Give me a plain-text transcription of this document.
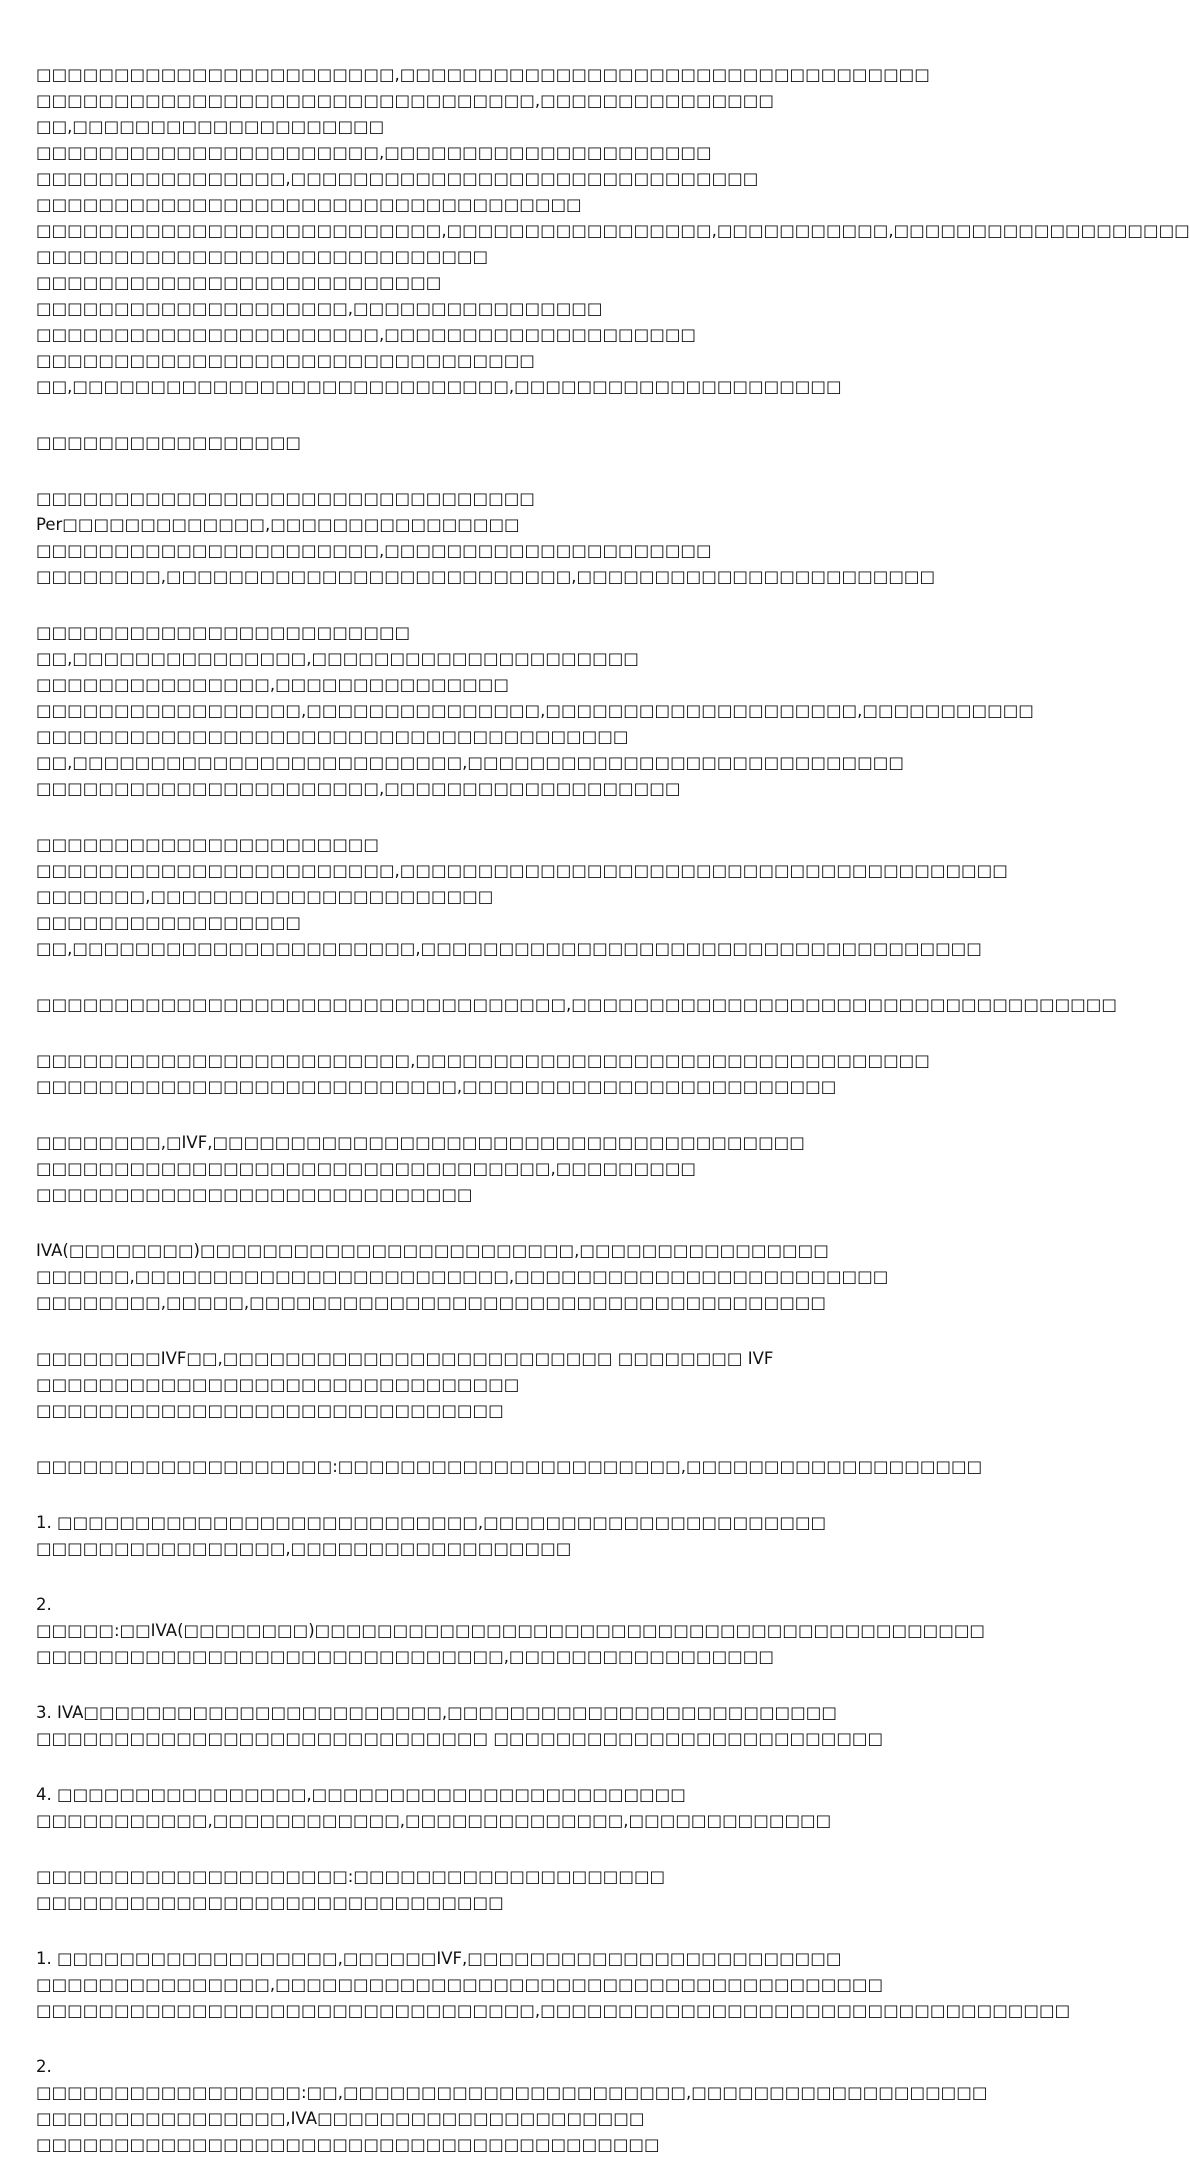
□□□□□□□□□□□□□□□□□□□□□□□,□□□□□□□□□□□□□□□□□□□□□□□□□□□□□□□□□□
□□□□□□□□□□□□□□□□□□□□□□□□□□□□□□□□,□□□□□□□□□□□□□□□ □□,□□□□□□□□□□□□□□□□□□□□
□□□□□□□□□□□□□□□□□□□□□□,□□□□□□□□□□□□□□□□□□□□□ □□□□□□□□□□□□□□□□,□□□□□□□□□□□□□□□□□□□□□□□□□□□□□□
□□□□□□□□□□□□□□□□□□□□□□□□□□□□□□□□□□□

□□□□□□□□□□□□□□□□□□□□□□□□□□,□□□□□□□□□□□□□□□□□,□□□□□□□□□□□,□□□□□□□□□□□□□□□□□□□ □□□□□□□□□□□□□□□□□□□□□□□□□□□□□
□□□□□□□□□□□□□□□□□□□□□□□□□□ □□□□□□□□□□□□□□□□□□□□,□□□□□□□□□□□□□□□□ □□□□□□□□□□□□□□□□□□□□□□,□□□□□□□□□□□□□□□□□□□□
□□□□□□□□□□□□□□□□□□□□□□□□□□□□□□□□ □□,□□□□□□□□□□□□□□□□□□□□□□□□□□□□,□□□□□□□□□□□□□□□□□□□□□

□□□□□□□□□□□□□□□□□

□□□□□□□□□□□□□□□□□□□□□□□□□□□□□□□□ Per□□□□□□□□□□□□□,□□□□□□□□□□□□□□□□
□□□□□□□□□□□□□□□□□□□□□□,□□□□□□□□□□□□□□□□□□□□□ □□□□□□□□,□□□□□□□□□□□□□□□□□□□□□□□□□□,□□□□□□□□□□□□□□□□□□□□□□□

□□□□□□□□□□□□□□□□□□□□□□□□ □□,□□□□□□□□□□□□□□□,□□□□□□□□□□□□□□□□□□□□□ □□□□□□□□□□□□□□□,□□□□□□□□□□□□□□□
□□□□□□□□□□□□□□□□□,□□□□□□□□□□□□□□□,□□□□□□□□□□□□□□□□□□□□,□□□□□□□□□□□ □□□□□□□□□□□□□□□□□□□□□□□□□□□□□□□□□□□□□□
□□,□□□□□□□□□□□□□□□□□□□□□□□□□,□□□□□□□□□□□□□□□□□□□□□□□□□□□□ □□□□□□□□□□□□□□□□□□□□□□,□□□□□□□□□□□□□□□□□□□

□□□□□□□□□□□□□□□□□□□□□□ □□□□□□□□□□□□□□□□□□□□□□□,□□□□□□□□□□□□□□□□□□□□□□□□□□□□□□□□□□□□□□□ □□□□□□□,□□□□□□□□□□□□□□□□□□□□□□
□□□□□□□□□□□□□□□□□ □□,□□□□□□□□□□□□□□□□□□□□□□,□□□□□□□□□□□□□□□□□□□□□□□□□□□□□□□□□□□□

□□□□□□□□□□□□□□□□□□□□□□□□□□□□□□□□□□,□□□□□□□□□□□□□□□□□□□□□□□□□□□□□□□□□□□

□□□□□□□□□□□□□□□□□□□□□□□□,□□□□□□□□□□□□□□□□□□□□□□□□□□□□□□□□□ □□□□□□□□□□□□□□□□□□□□□□□□□□□,□□□□□□□□□□□□□□□□□□□□□□□□

□□□□□□□□,□IVF,□□□□□□□□□□□□□□□□□□□□□□□□□□□□□□□□□□□□□□ □□□□□□□□□□□□□□□□□□□□□□□□□□□□□□□□□,□□□□□□□□□
□□□□□□□□□□□□□□□□□□□□□□□□□□□□

IVA(□□□□□□□□)□□□□□□□□□□□□□□□□□□□□□□□□,□□□□□□□□□□□□□□□□ □□□□□□,□□□□□□□□□□□□□□□□□□□□□□□□,□□□□□□□□□□□□□□□□□□□□□□□□
□□□□□□□□,□□□□□,□□□□□□□□□□□□□□□□□□□□□□□□□□□□□□□□□□□□□

□□□□□□□□IVF□□,□□□□□□□□□□□□□□□□□□□□□□□□□ □□□□□□□□ IVF □□□□□□□□□□□□□□□□□□□□□□□□□□□□□□□ □□□□□□□□□□□□□□□□□□□□□□□□□□□□□□

□□□□□□□□□□□□□□□□□□□:□□□□□□□□□□□□□□□□□□□□□□,□□□□□□□□□□□□□□□□□□□

1. □□□□□□□□□□□□□□□□□□□□□□□□□□□,□□□□□□□□□□□□□□□□□□□□□□ □□□□□□□□□□□□□□□□,□□□□□□□□□□□□□□□□□□

2. □□□□□:□□IVA(□□□□□□□□)□□□□□□□□□□□□□□□□□□□□□□□□□□□□□□□□□□□□□□□□□□□ □□□□□□□□□□□□□□□□□□□□□□□□□□□□□□,□□□□□□□□□□□□□□□□□

3. IVA□□□□□□□□□□□□□□□□□□□□□□□,□□□□□□□□□□□□□□□□□□□□□□□□□ □□□□□□□□□□□□□□□□□□□□□□□□□□□□□ □□□□□□□□□□□□□□□□□□□□□□□□□

4. □□□□□□□□□□□□□□□□,□□□□□□□□□□□□□□□□□□□□□□□□ □□□□□□□□□□□,□□□□□□□□□□□□,□□□□□□□□□□□□□□,□□□□□□□□□□□□□

□□□□□□□□□□□□□□□□□□□□:□□□□□□□□□□□□□□□□□□□□ □□□□□□□□□□□□□□□□□□□□□□□□□□□□□□

1. □□□□□□□□□□□□□□□□□□,□□□□□□IVF,□□□□□□□□□□□□□□□□□□□□□□□□ □□□□□□□□□□□□□□□,□□□□□□□□□□□□□□□□□□□□□□□□□□□□□□□□□□□□□□□
□□□□□□□□□□□□□□□□□□□□□□□□□□□□□□□□,□□□□□□□□□□□□□□□□□□□□□□□□□□□□□□□□□□

2. □□□□□□□□□□□□□□□□□:□□,□□□□□□□□□□□□□□□□□□□□□□,□□□□□□□□□□□□□□□□□□□ □□□□□□□□□□□□□□□□,IVA□□□□□□□□□□□□□□□□□□□□□
□□□□□□□□□□□□□□□□□□□□□□□□□□□□□□□□□□□□□□□□
